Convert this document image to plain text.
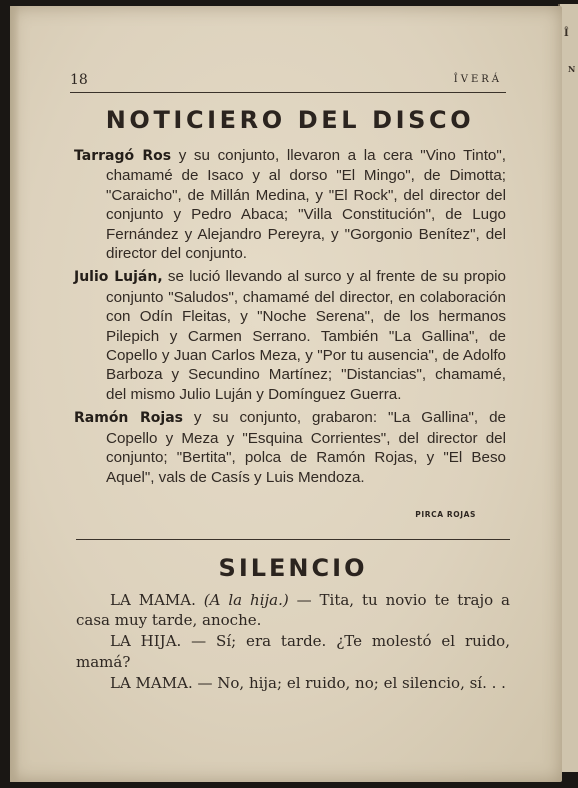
Î
N
18	ÎVERÁ
NOTICIERO DEL DISCO

Tarragó Ros y su conjunto, llevaron a la cera "Vino Tinto", chamamé de Isaco y al dorso "El Mingo", de Dimotta; "Caraicho", de Millán Medina, y "El Rock", del director del conjunto y Pedro Abaca; "Villa Constitución", de Lugo Fernández y Alejandro Pereyra, y "Gorgonio Benítez", del director del conjunto.

Julio Luján, se lució llevando al surco y al frente de su propio conjunto "Saludos", chamamé del director, en colaboración con Odín Fleitas, y "Noche Serena", de los hermanos Pilepich y Carmen Serrano. También "La Gallina", de Copello y Juan Carlos Meza, y "Por tu ausencia", de Adolfo Barboza y Secundino Martínez; "Distancias", chamamé, del mismo Julio Luján y Domínguez Guerra.

Ramón Rojas y su conjunto, grabaron: "La Gallina", de Copello y Meza y "Esquina Corrientes", del director del conjunto; "Bertita", polca de Ramón Rojas, y "El Beso Aquel", vals de Casís y Luis Mendoza.

PIRCA ROJAS
SILENCIO

LA MAMA. (A la hija.) — Tita, tu novio te trajo a casa muy tarde, anoche.

LA HIJA. — Sí; era tarde. ¿Te molestó el ruido, mamá?

LA MAMA. — No, hija; el ruido, no; el silencio, sí. . .
